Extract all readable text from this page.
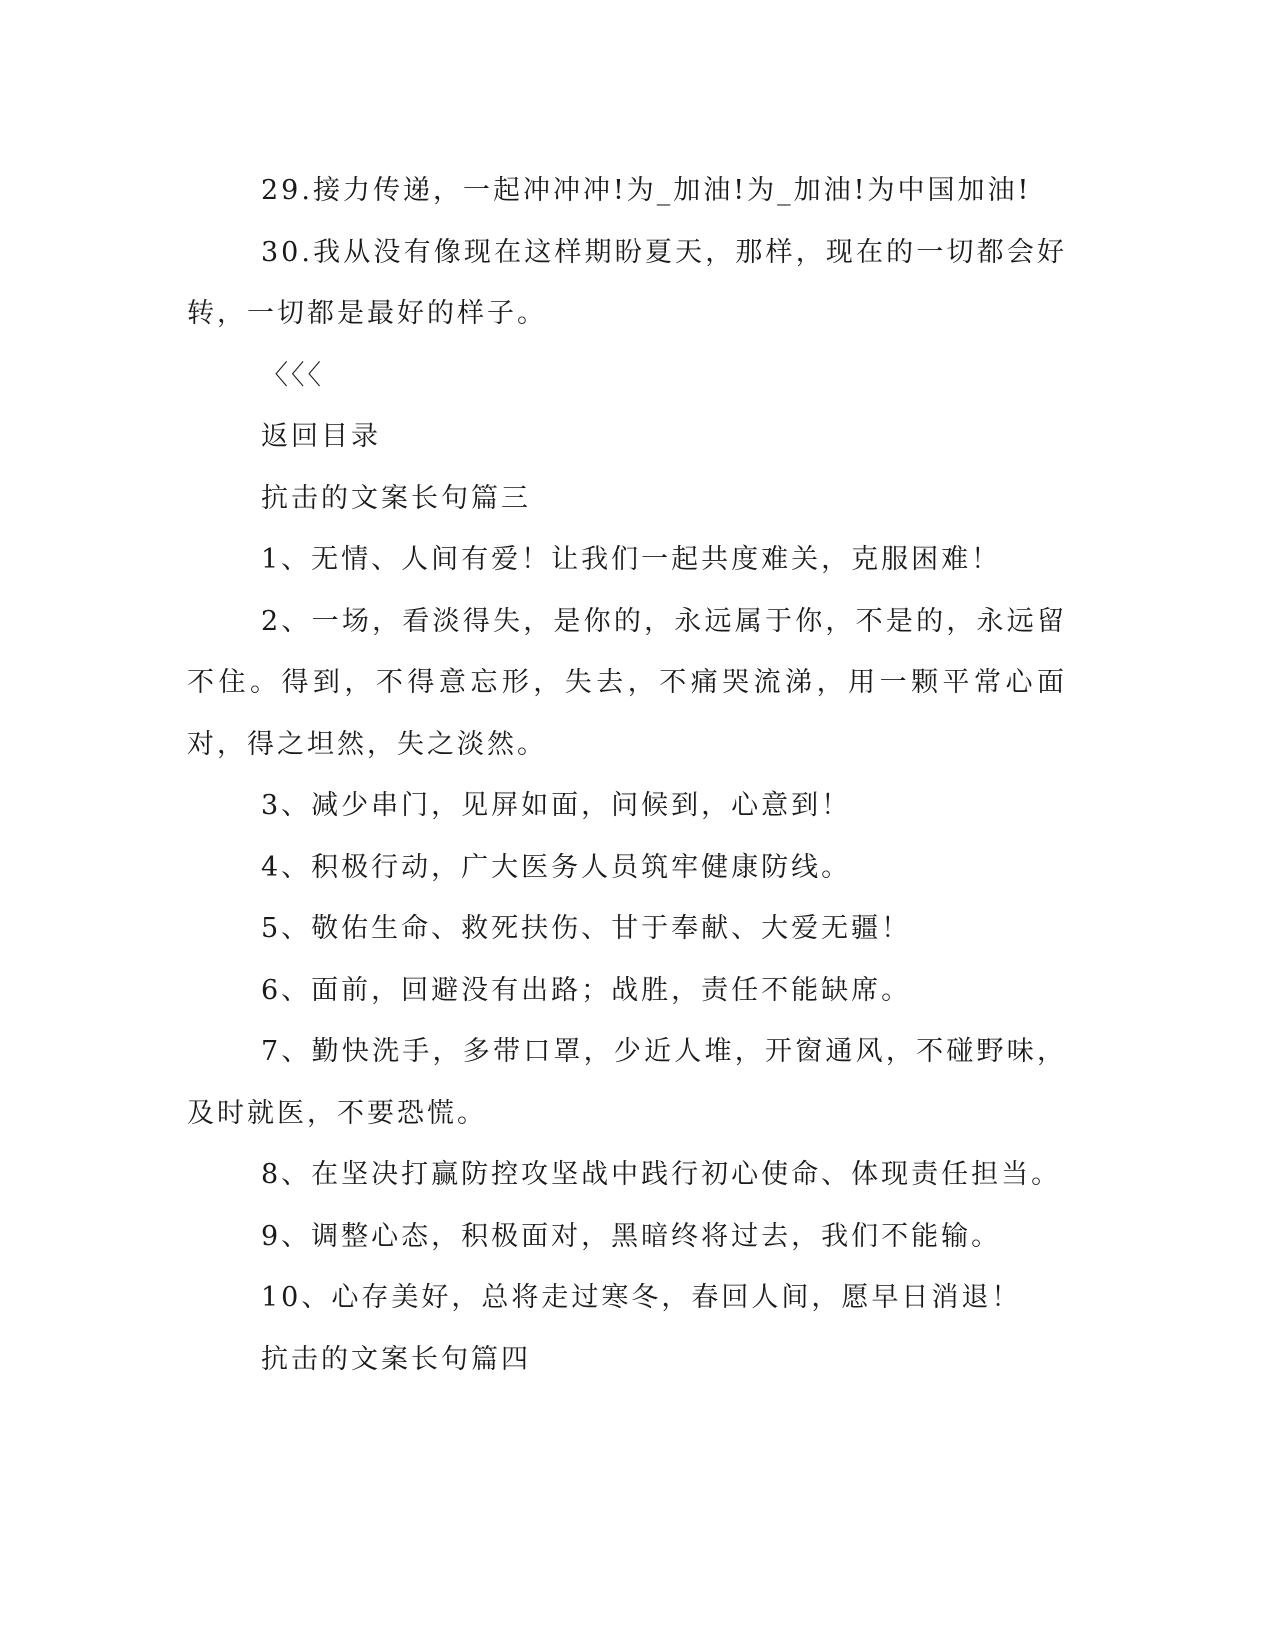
29.接力传递，一起冲冲冲!为_加油!为_加油!为中国加油!

30.我从没有像现在这样期盼夏天，那样，现在的一切都会好转，一切都是最好的样子。

〈〈〈

返回目录

抗击的文案长句篇三

1、无情、人间有爱！让我们一起共度难关，克服困难！

2、一场，看淡得失，是你的，永远属于你，不是的，永远留不住。得到，不得意忘形，失去，不痛哭流涕，用一颗平常心面对，得之坦然，失之淡然。

3、减少串门，见屏如面，问候到，心意到！

4、积极行动，广大医务人员筑牢健康防线。

5、敬佑生命、救死扶伤、甘于奉献、大爱无疆！

6、面前，回避没有出路；战胜，责任不能缺席。

7、勤快洗手，多带口罩，少近人堆，开窗通风，不碰野味，及时就医，不要恐慌。

8、在坚决打赢防控攻坚战中践行初心使命、体现责任担当。

9、调整心态，积极面对，黑暗终将过去，我们不能输。

10、心存美好，总将走过寒冬，春回人间，愿早日消退！

抗击的文案长句篇四
